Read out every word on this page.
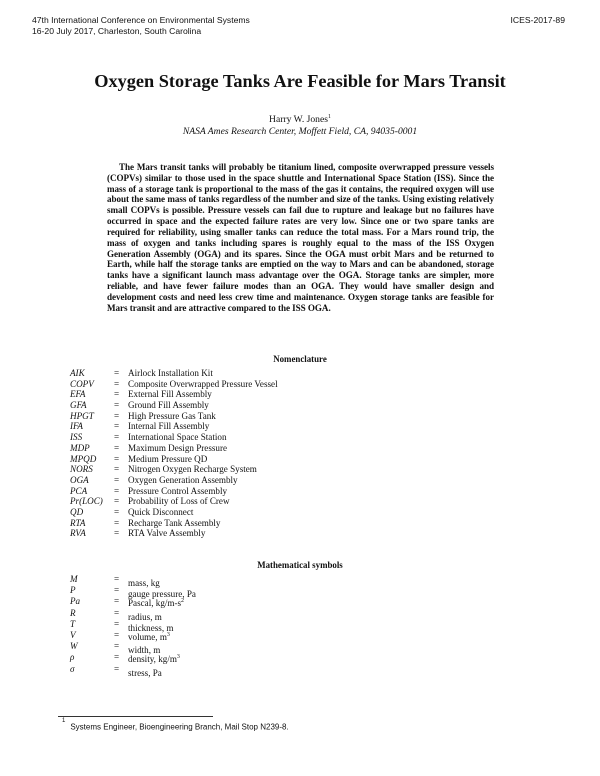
47th International Conference on Environmental Systems
16-20 July 2017, Charleston, South Carolina
ICES-2017-89
Oxygen Storage Tanks Are Feasible for Mars Transit
Harry W. Jones$^1$
NASA Ames Research Center, Moffett Field, CA, 94035-0001

The Mars transit tanks will probably be titanium lined, composite overwrapped pressure vessels (COPVs) similar to those used in the space shuttle and International Space Station (ISS). Since the mass of a storage tank is proportional to the mass of the gas it contains, the required oxygen will use about the same mass of tanks regardless of the number and size of the tanks. Using existing relatively small COPVs is possible. Pressure vessels can fail due to rupture and leakage but no failures have occurred in space and the expected failure rates are very low. Since one or two spare tanks are required for reliability, using smaller tanks can reduce the total mass. For a Mars round trip, the mass of oxygen and tanks including spares is roughly equal to the mass of the ISS Oxygen Generation Assembly (OGA) and its spares. Since the OGA must orbit Mars and be returned to Earth, while half the storage tanks are emptied on the way to Mars and can be abandoned, storage tanks have a significant launch mass advantage over the OGA. Storage tanks are simpler, more reliable, and have fewer failure modes than an OGA. They would have smaller design and development costs and need less crew time and maintenance. Oxygen storage tanks are feasible for Mars transit and are attractive compared to the ISS OGA.

Nomenclature
AIK	= Airlock Installation Kit
COPV = Composite Overwrapped Pressure Vessel
EFA	= External Fill Assembly
GFA	= Ground Fill Assembly
HPGT = High Pressure Gas Tank
IFA	= Internal Fill Assembly
ISS	= International Space Station
MDP	= Maximum Design Pressure
MPQD = Medium Pressure QD
NORS = Nitrogen Oxygen Recharge System
OGA	= Oxygen Generation Assembly
PCA	= Pressure Control Assembly
Pr(LOC) = Probability of Loss of Crew
QD	= Quick Disconnect
RTA	= Recharge Tank Assembly
RVA	= RTA Valve Assembly
Mathematical symbols
M	= mass, kg
P	= gauge pressure, Pa
Pa	= Pascal, $kg/m-s^2$
R	= radius, m
T	= thickness, m
V	= volume, $m^3$
W	= width, m
ρ	= density, $kg/m^3$
σ	= stress, Pa
$^1$Systems Engineer, Bioengineering Branch, Mail Stop N239-8.
